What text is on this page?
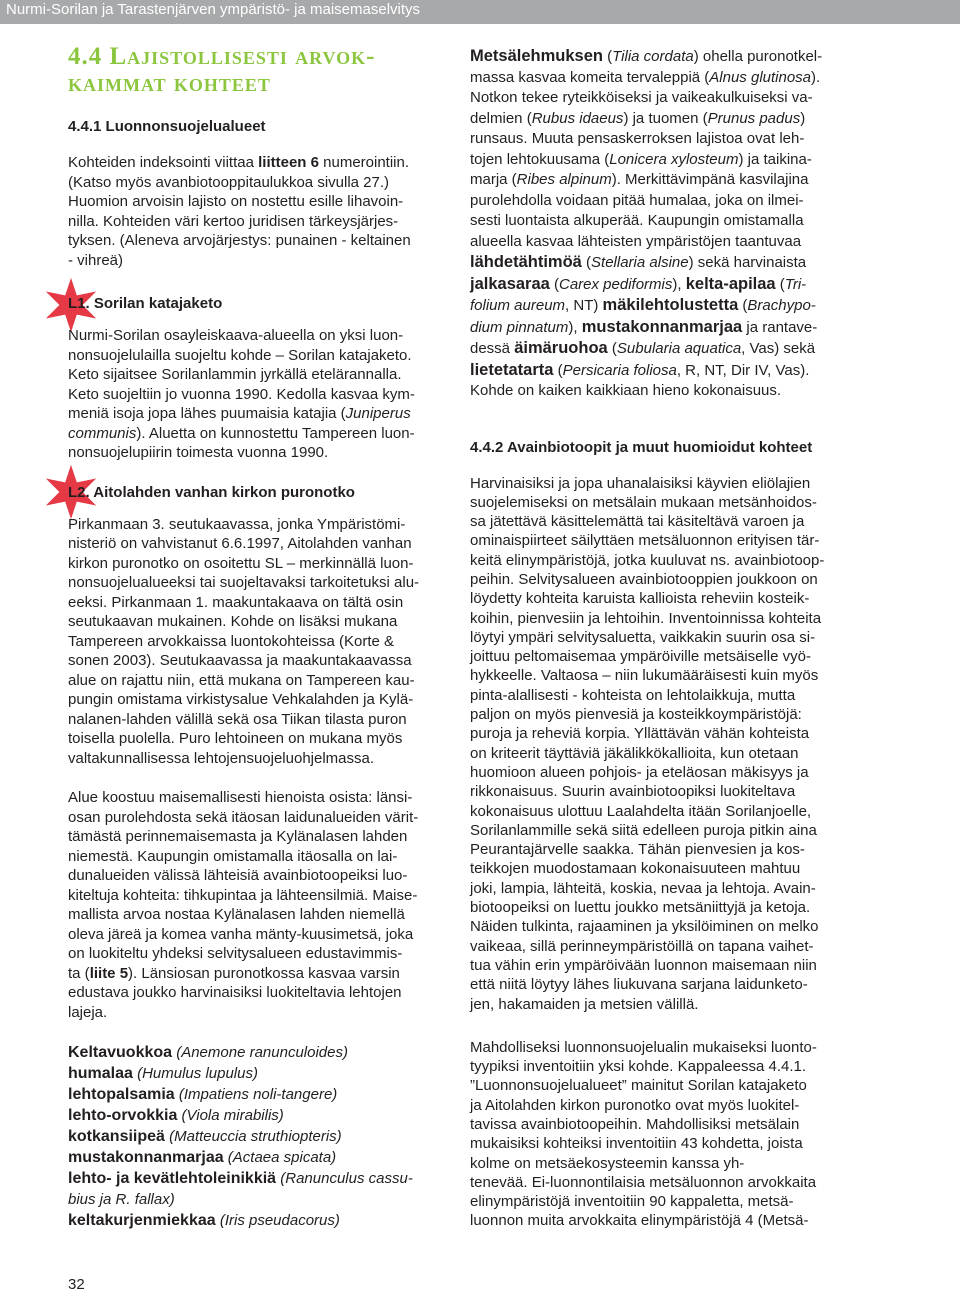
Nurmi-Sorilan ja Tarastenjärven ympäristö- ja maisemaselvitys
4.4 Lajistollisesti arvok-
kaimmat kohteet

4.4.1 Luonnonsuojelualueet

Kohteiden indeksointi viittaa liitteen 6 numerointiin.
(Katso myös avanbiotooppitaulukkoa sivulla 27.)
Huomion arvoisin lajisto on nostettu esille lihavoin-
nilla. Kohteiden väri kertoo juridisen tärkeysjärjes-
tyksen. (Aleneva arvojärjestys: punainen - keltainen
- vihreä)

L1. Sorilan katajaketo

Nurmi-Sorilan osayleiskaava-alueella on yksi luon-
nonsuojelulailla suojeltu kohde – Sorilan katajaketo.
Keto sijaitsee Sorilanlammin jyrkällä etelärannalla.
Keto suojeltiin jo vuonna 1990. Kedolla kasvaa kym-
meniä isoja jopa lähes puumaisia katajia (Juniperus
communis). Aluetta on kunnostettu Tampereen luon-
nonsuojelupiirin toimesta vuonna 1990.

L2. Aitolahden vanhan kirkon puronotko

Pirkanmaan 3. seutukaavassa, jonka Ympäristömi-
nisteriö on vahvistanut 6.6.1997, Aitolahden vanhan
kirkon puronotko on osoitettu SL – merkinnällä luon-
nonsuojelualueeksi tai suojeltavaksi tarkoitetuksi alu-
eeksi. Pirkanmaan 1. maakuntakaava on tältä osin
seutukaavan mukainen. Kohde on lisäksi mukana
Tampereen arvokkaissa luontokohteissa (Korte &
sonen 2003). Seutukaavassa ja maakuntakaavassa
alue on rajattu niin, että mukana on Tampereen kau-
pungin omistama virkistysalue Vehkalahden ja Kylä-
nalanen-lahden välillä sekä osa Tiikan tilasta puron
toisella puolella. Puro lehtoineen on mukana myös
valtakunnallisessa lehtojensuojeluohjelmassa.

Alue koostuu maisemallisesti hienoista osista: länsi-
osan purolehdosta sekä itäosan laidunalueiden värit-
tämästä perinnemaisemasta ja Kylänalasen lahden
niemestä. Kaupungin omistamalla itäosalla on lai-
dunalueiden välissä lähteisiä avainbiotoopeiksi luo-
kiteltuja kohteita: tihkupintaa ja lähteensilmiä. Maise-
mallista arvoa nostaa Kylänalasen lahden niemellä
oleva järeä ja komea vanha mänty-kuusimetsä, joka
on luokiteltu yhdeksi selvitysalueen edustavimmis-
ta (liite 5). Länsiosan puronotkossa kasvaa varsin
edustava joukko harvinaisiksi luokiteltavia lehtojen
lajeja.

Keltavuokkoa (Anemone ranunculoides)
humalaa (Humulus lupulus)
lehtopalsamia (Impatiens noli-tangere)
lehto-orvokkia (Viola mirabilis)
kotkansiipeä (Matteuccia struthiopteris)
mustakonnanmarjaa (Actaea spicata)
lehto- ja kevätlehtoleinikkiä (Ranunculus cassu-
bius ja R. fallax)
keltakurjenmiekkaa (Iris pseudacorus)

Metsälehmuksen (Tilia cordata) ohella puronotkel-
massa kasvaa komeita tervaleppiä (Alnus glutinosa).
Notkon tekee ryteikköiseksi ja vaikeakulkuiseksi va-
delmien (Rubus idaeus) ja tuomen (Prunus padus)
runsaus. Muuta pensaskerroksen lajistoa ovat leh-
tojen lehtokuusama (Lonicera xylosteum) ja taikina-
marja (Ribes alpinum). Merkittävimpänä kasvilajina
purolehdolla voidaan pitää humalaa, joka on ilmei-
sesti luontaista alkuperää. Kaupungin omistamalla
alueella kasvaa lähteisten ympäristöjen taantuvaa
lähdetähtimöä (Stellaria alsine) sekä harvinaista
jalkasaraa (Carex pediformis), kelta-apilaa (Tri-
folium aureum, NT) mäkilehtolustetta (Brachypo-
dium pinnatum), mustakonnanmarjaa ja rantave-
dessä äimäruohoa (Subularia aquatica, Vas) sekä
lietetatarta (Persicaria foliosa, R, NT, Dir IV, Vas).
Kohde on kaiken kaikkiaan hieno kokonaisuus.

4.4.2 Avainbiotoopit ja muut huomioidut kohteet

Harvinaisiksi ja jopa uhanalaisiksi käyvien eliölajien
suojelemiseksi on metsälain mukaan metsänhoidos-
sa jätettävä käsittelemättä tai käsiteltävä varoen ja
ominaispiirteet säilyttäen metsäluonnon erityisen tär-
keitä elinympäristöjä, jotka kuuluvat ns. avainbiotoop-
peihin. Selvitysalueen avainbiotooppien joukkoon on
löydetty kohteita karuista kallioista reheviin kosteik-
koihin, pienvesiin ja lehtoihin. Inventoinnissa kohteita
löytyi ympäri selvitysaluetta, vaikkakin suurin osa si-
joittuu peltomaisemaa ympäröiville metsäiselle vyö-
hykkeelle. Valtaosa – niin lukumääräisesti kuin myös
pinta-alallisesti - kohteista on lehtolaikkuja, mutta
paljon on myös pienvesiä ja kosteikkoympäristöjä:
puroja ja reheviä korpia. Yllättävän vähän kohteista
on kriteerit täyttäviä jäkälikkökallioita, kun otetaan
huomioon alueen pohjois- ja eteläosan mäkisyys ja
rikkonaisuus. Suurin avainbiotoopiksi luokiteltava
kokonaisuus ulottuu Laalahdelta itään Sorilanjoelle,
Sorilanlammille sekä siitä edelleen puroja pitkin aina
Peurantajärvelle saakka. Tähän pienvesien ja kos-
teikkojen muodostamaan kokonaisuuteen mahtuu
joki, lampia, lähteitä, koskia, nevaa ja lehtoja. Avain-
biotoopeiksi on luettu joukko metsäniittyjä ja ketoja.
Näiden tulkinta, rajaaminen ja yksilöiminen on melko
vaikeaa, sillä perinneympäristöillä on tapana vaihet-
tua vähin erin ympäröivään luonnon maisemaan niin
että niitä löytyy lähes liukuvana sarjana laidunketo-
jen, hakamaiden ja metsien välillä.

Mahdolliseksi luonnonsuojelualin mukaiseksi luonto-
tyypiksi inventoitiin yksi kohde. Kappaleessa 4.4.1.
”Luonnonsuojelualueet” mainitut Sorilan katajaketo
ja Aitolahden kirkon puronotko ovat myös luokitel-
tavissa avainbiotoopeihin. Mahdollisiksi metsälain
mukaisiksi kohteiksi inventoitiin 43 kohdetta, joista
kolme on metsäekosysteemin kanssa yh-
tenevää. Ei-luonnontilaisia metsäluonnon arvokkaita
elinympäristöjä inventoitiin 90 kappaletta, metsä-
luonnon muita arvokkaita elinympäristöjä 4 (Metsä-

32
